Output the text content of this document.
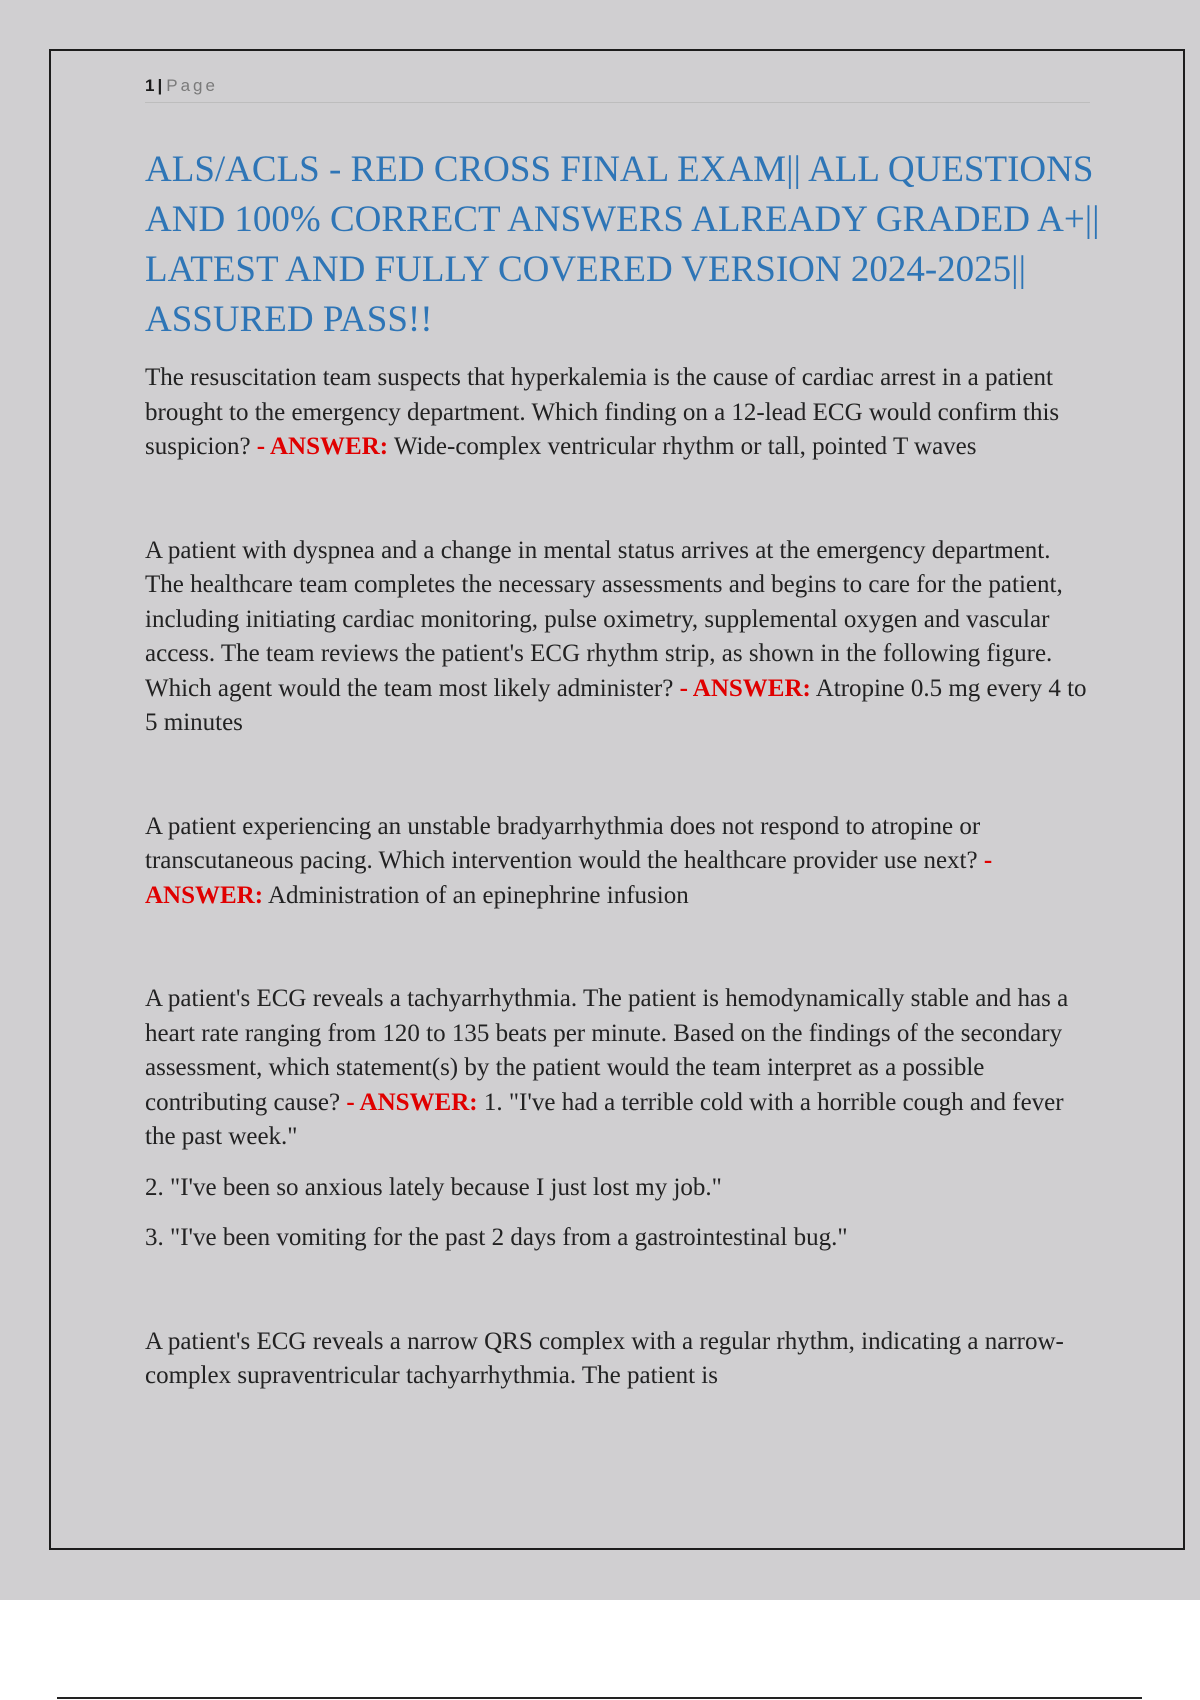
1 | Page
ALS/ACLS - RED CROSS FINAL EXAM|| ALL QUESTIONS AND 100% CORRECT ANSWERS ALREADY GRADED A+|| LATEST AND FULLY COVERED VERSION 2024-2025|| ASSURED PASS!!

The resuscitation team suspects that hyperkalemia is the cause of cardiac arrest in a patient brought to the emergency department. Which finding on a 12-lead ECG would confirm this suspicion? - ANSWER: Wide-complex ventricular rhythm or tall, pointed T waves

A patient with dyspnea and a change in mental status arrives at the emergency department. The healthcare team completes the necessary assessments and begins to care for the patient, including initiating cardiac monitoring, pulse oximetry, supplemental oxygen and vascular access. The team reviews the patient's ECG rhythm strip, as shown in the following figure. Which agent would the team most likely administer? - ANSWER: Atropine 0.5 mg every 4 to 5 minutes

A patient experiencing an unstable bradyarrhythmia does not respond to atropine or transcutaneous pacing. Which intervention would the healthcare provider use next? - ANSWER: Administration of an epinephrine infusion

A patient's ECG reveals a tachyarrhythmia. The patient is hemodynamically stable and has a heart rate ranging from 120 to 135 beats per minute. Based on the findings of the secondary assessment, which statement(s) by the patient would the team interpret as a possible contributing cause? - ANSWER: 1. "I've had a terrible cold with a horrible cough and fever the past week."

2. "I've been so anxious lately because I just lost my job."

3. "I've been vomiting for the past 2 days from a gastrointestinal bug."

A patient's ECG reveals a narrow QRS complex with a regular rhythm, indicating a narrow-complex supraventricular tachyarrhythmia. The patient is
